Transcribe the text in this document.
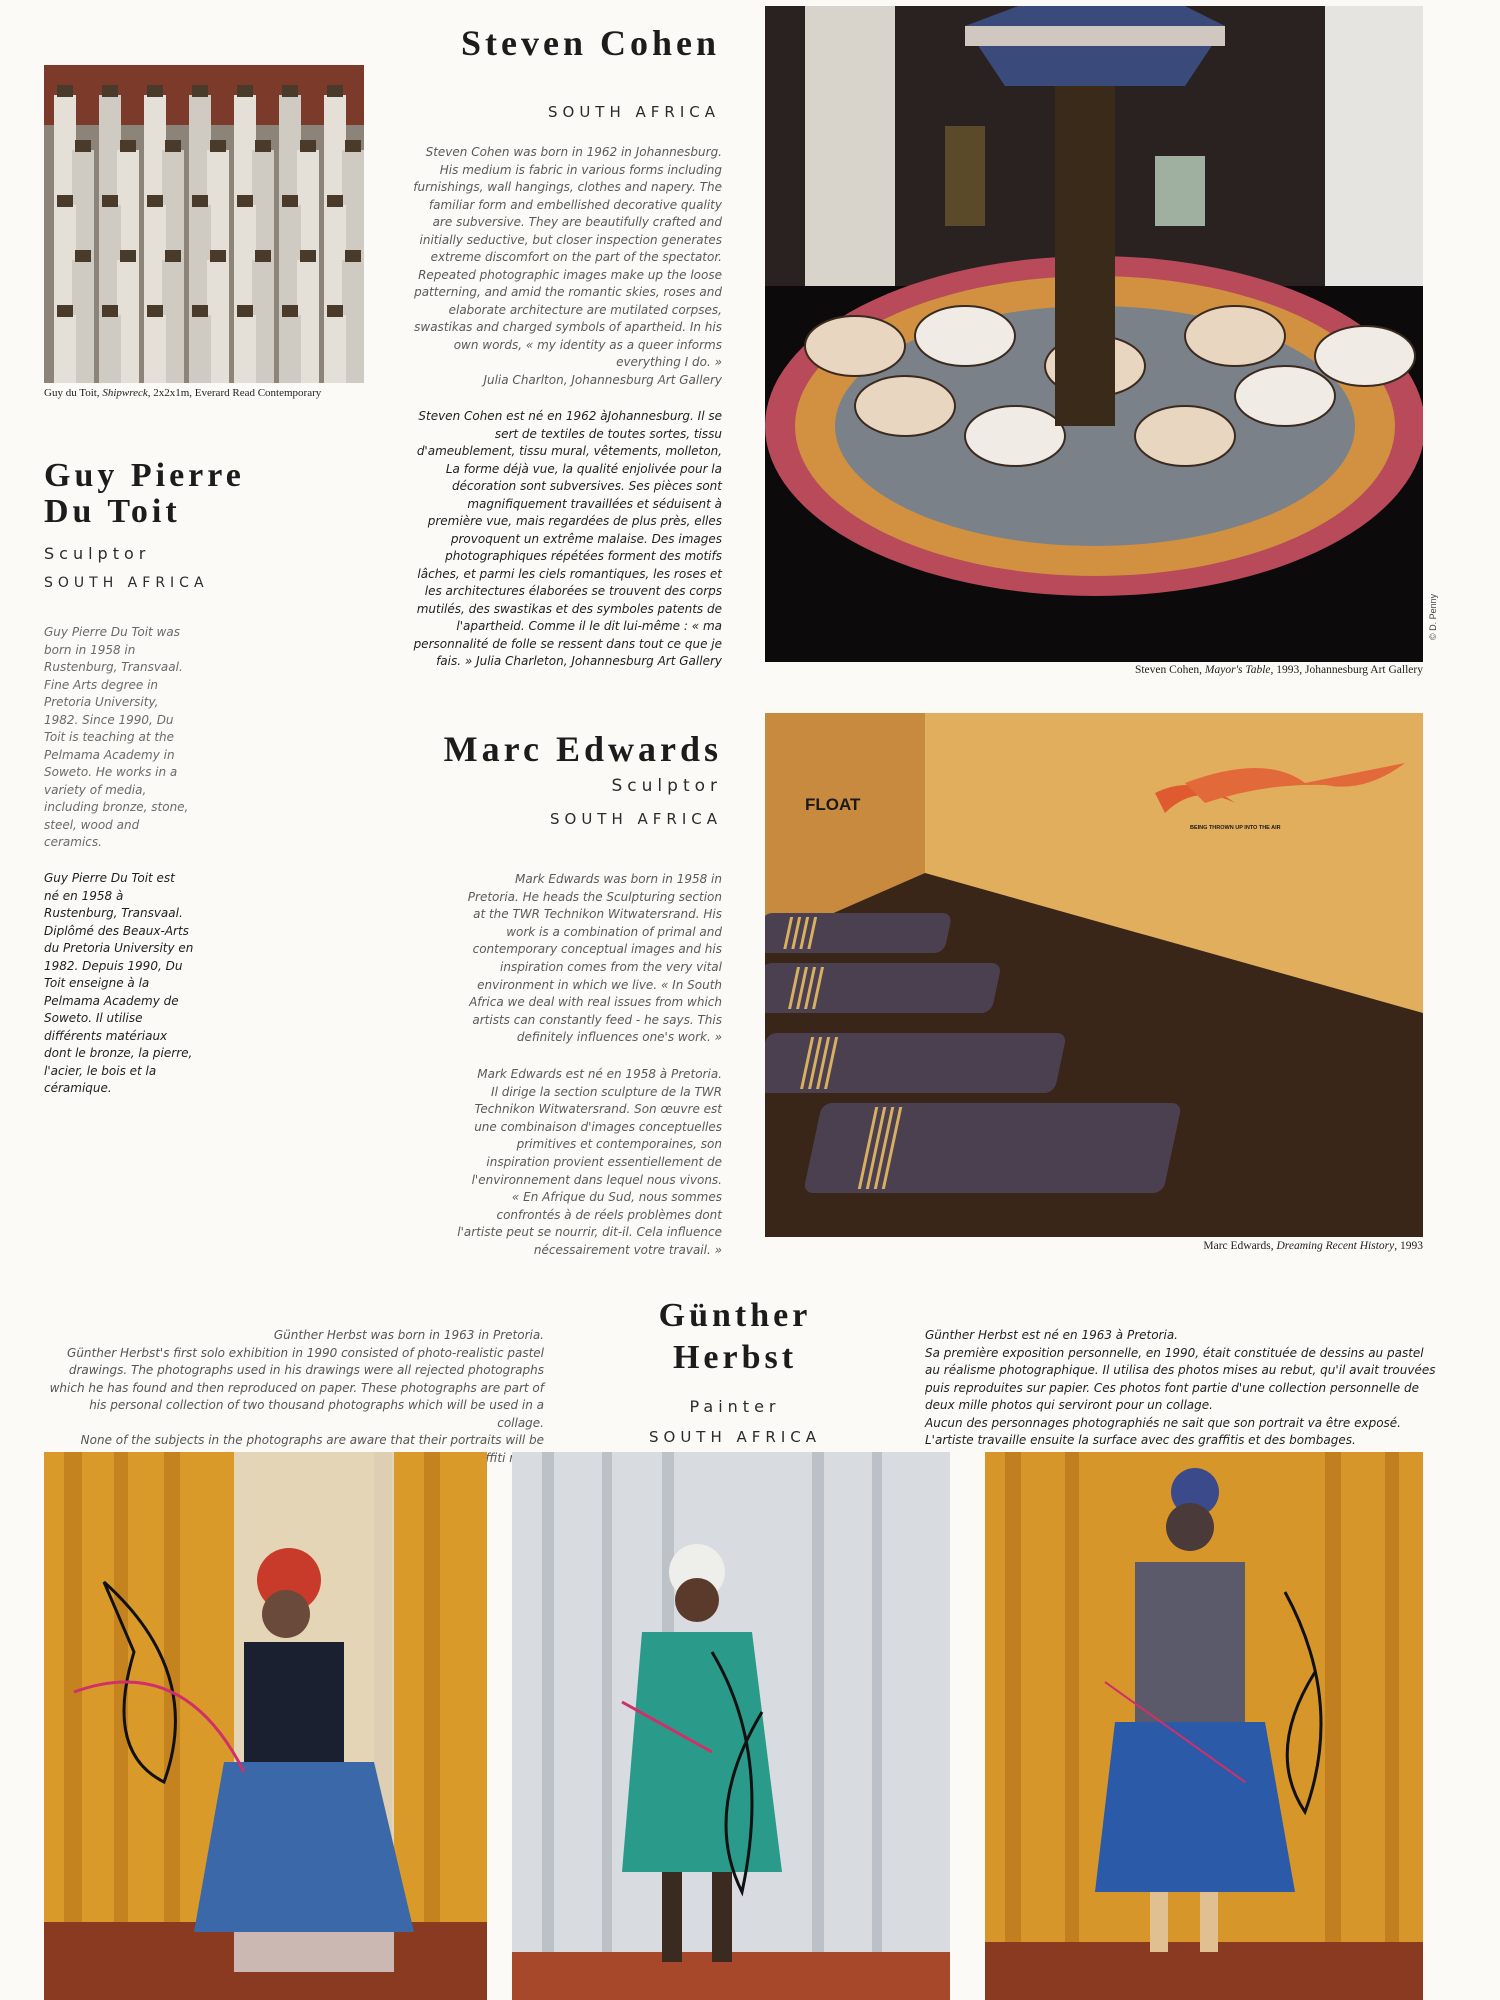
Guy du Toit, Shipwreck, 2x2x1m, Everard Read Contemporary
Guy Pierre
Du Toit
Sculptor
SOUTH AFRICA
Guy Pierre Du Toit was
born in 1958 in
Rustenburg, Transvaal.
Fine Arts degree in
Pretoria University,
1982. Since 1990, Du
Toit is teaching at the
Pelmama Academy in
Soweto. He works in a
variety of media,
including bronze, stone,
steel, wood and
ceramics.
Guy Pierre Du Toit est
né en 1958 à
Rustenburg, Transvaal.
Diplômé des Beaux-Arts
du Pretoria University en
1982. Depuis 1990, Du
Toit enseigne à la
Pelmama Academy de
Soweto. Il utilise
différents matériaux
dont le bronze, la pierre,
l'acier, le bois et la
céramique.
Steven Cohen
SOUTH AFRICA
Steven Cohen was born in 1962 in Johannesburg.
His medium is fabric in various forms including
furnishings, wall hangings, clothes and napery. The
familiar form and embellished decorative quality
are subversive. They are beautifully crafted and
initially seductive, but closer inspection generates
extreme discomfort on the part of the spectator.
Repeated photographic images make up the loose
patterning, and amid the romantic skies, roses and
elaborate architecture are mutilated corpses,
swastikas and charged symbols of apartheid. In his
own words, « my identity as a queer informs
everything I do. »
Julia Charlton, Johannesburg Art Gallery
Steven Cohen est né en 1962 àJohannesburg. Il se
sert de textiles de toutes sortes, tissu
d'ameublement, tissu mural, vêtements, molleton,
La forme déjà vue, la qualité enjolivée pour la
décoration sont subversives. Ses pièces sont
magnifiquement travaillées et séduisent à
première vue, mais regardées de plus près, elles
provoquent un extrême malaise. Des images
photographiques répétées forment des motifs
lâches, et parmi les ciels romantiques, les roses et
les architectures élaborées se trouvent des corps
mutilés, des swastikas et des symboles patents de
l'apartheid. Comme il le dit lui-même : « ma
personnalité de folle se ressent dans tout ce que je
fais. » Julia Charleton, Johannesburg Art Gallery
© D. Penny
Steven Cohen, Mayor's Table, 1993, Johannesburg Art Gallery
Marc Edwards
Sculptor
SOUTH AFRICA
Mark Edwards was born in 1958 in
Pretoria. He heads the Sculpturing section
at the TWR Technikon Witwatersrand. His
work is a combination of primal and
contemporary conceptual images and his
inspiration comes from the very vital
environment in which we live. « In South
Africa we deal with real issues from which
artists can constantly feed - he says. This
definitely influences one's work. »
Mark Edwards est né en 1958 à Pretoria.
Il dirige la section sculpture de la TWR
Technikon Witwatersrand. Son œuvre est
une combinaison d'images conceptuelles
primitives et contemporaines, son
inspiration provient essentiellement de
l'environnement dans lequel nous vivons.
« En Afrique du Sud, nous sommes
confrontés à de réels problèmes dont
l'artiste peut se nourrir, dit-il. Cela influence
nécessairement votre travail. »
FLOAT
BEING THROWN UP INTO THE AIR
Marc Edwards, Dreaming Recent History, 1993
Günther Herbst was born in 1963 in Pretoria.
Günther Herbst's first solo exhibition in 1990 consisted of photo-realistic pastel
drawings. The photographs used in his drawings were all rejected photographs
which he has found and then reproduced on paper. These photographs are part of
his personal collection of two thousand photographs which will be used in a collage.
None of the subjects in the photographs are aware that their portraits will be

Günther
Herbst
Painter
SOUTH AFRICA
Günther Herbst est né en 1963 à Pretoria.
Sa première exposition personnelle, en 1990, était constituée de dessins au pastel
au réalisme photographique. Il utilisa des photos mises au rebut, qu'il avait trouvées
puis reproduites sur papier. Ces photos font partie d'une collection personnelle de
deux mille photos qui serviront pour un collage.
Aucun des personnages photographiés ne sait que son portrait va être exposé.
L'artiste travaille ensuite la surface avec des graffitis et des bombages.
